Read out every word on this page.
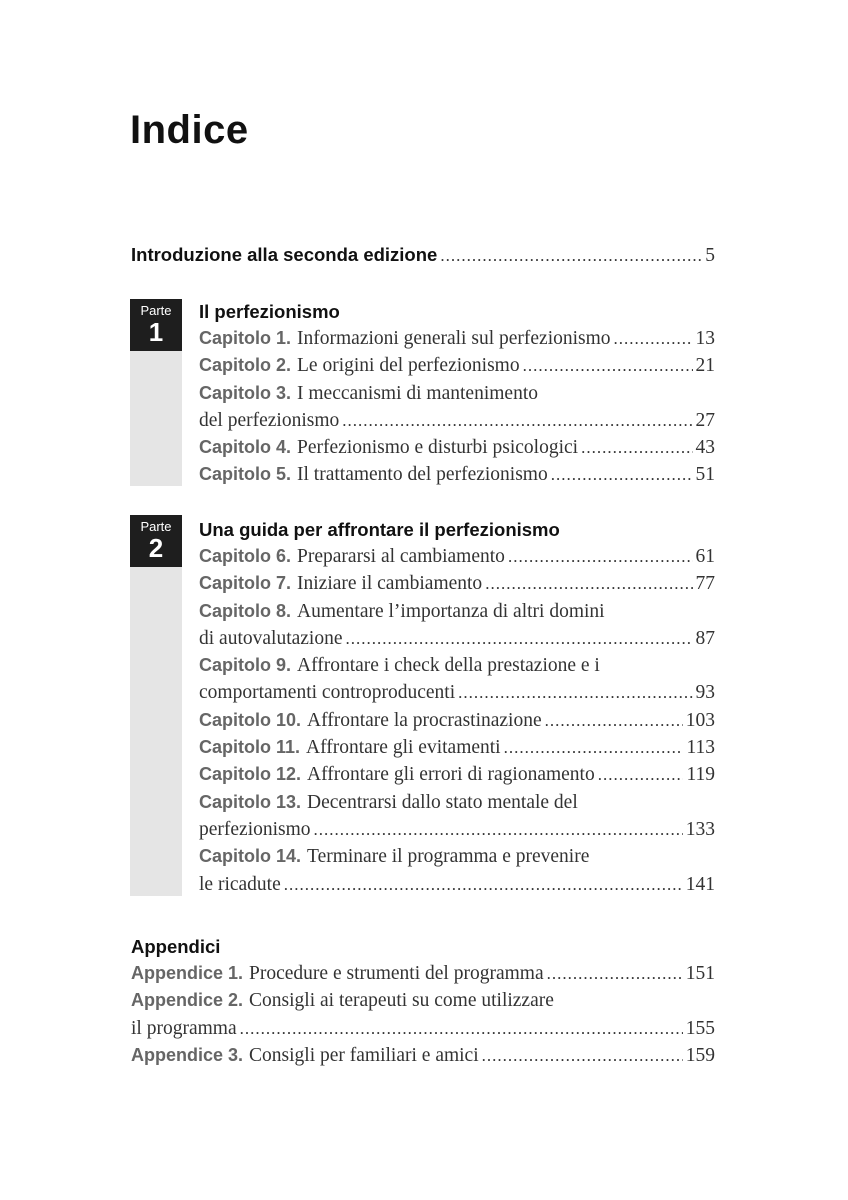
Indice
Introduzione alla seconda edizione .....	5
Parte
1
Il perfezionismo
Capitolo 1. Informazioni generali sul perfezionismo .....	13
Capitolo 2. Le origini del perfezionismo .....	21
Capitolo 3. I meccanismi di mantenimento
del perfezionismo .....	27
Capitolo 4. Perfezionismo e disturbi psicologici .....	43
Capitolo 5. Il trattamento del perfezionismo .....	51
Parte
2
Una guida per affrontare il perfezionismo
Capitolo 6. Prepararsi al cambiamento .....	61
Capitolo 7. Iniziare il cambiamento .....	77
Capitolo 8. Aumentare l’importanza di altri domini
di autovalutazione .....	87
Capitolo 9. Affrontare i check della prestazione e i
comportamenti controproducenti .....	93
Capitolo 10. Affrontare la procrastinazione .....	103
Capitolo 11. Affrontare gli evitamenti .....	113
Capitolo 12. Affrontare gli errori di ragionamento .....	119
Capitolo 13. Decentrarsi dallo stato mentale del
perfezionismo .....	133
Capitolo 14. Terminare il programma e prevenire
le ricadute .....	141
Appendici
Appendice 1. Procedure e strumenti del programma .....	151
Appendice 2. Consigli ai terapeuti su come utilizzare
il programma .....	155
Appendice 3. Consigli per familiari e amici .....	159
